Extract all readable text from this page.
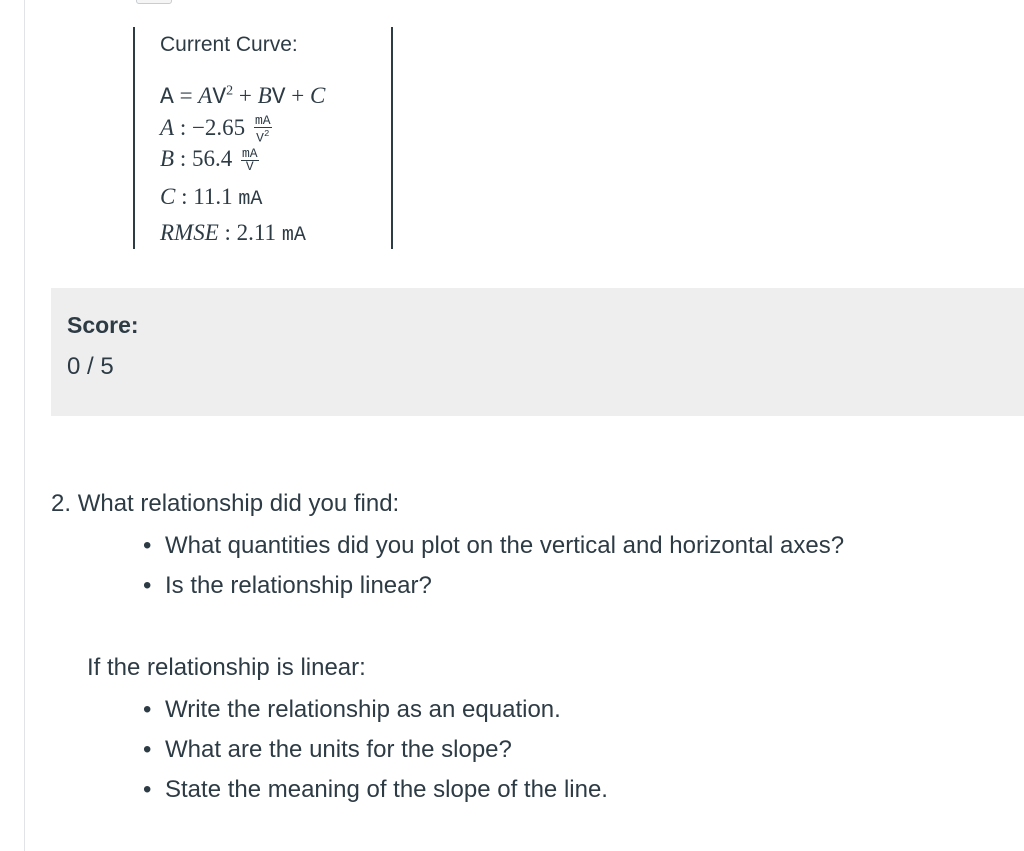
Current Curve:
$A = AV^2$ + BV + C
A : $-2.65 \frac{mA}{V^2}$
B : $56.4 \frac{mA}{V}$
C : 11.1 mA
RMSE : 2.11 mA
Score:
0 / 5
2. What relationship did you find:
• What quantities did you plot on the vertical and horizontal axes?
• Is the relationship linear?
If the relationship is linear:
• Write the relationship as an equation.
• What are the units for the slope?
• State the meaning of the slope of the line.
